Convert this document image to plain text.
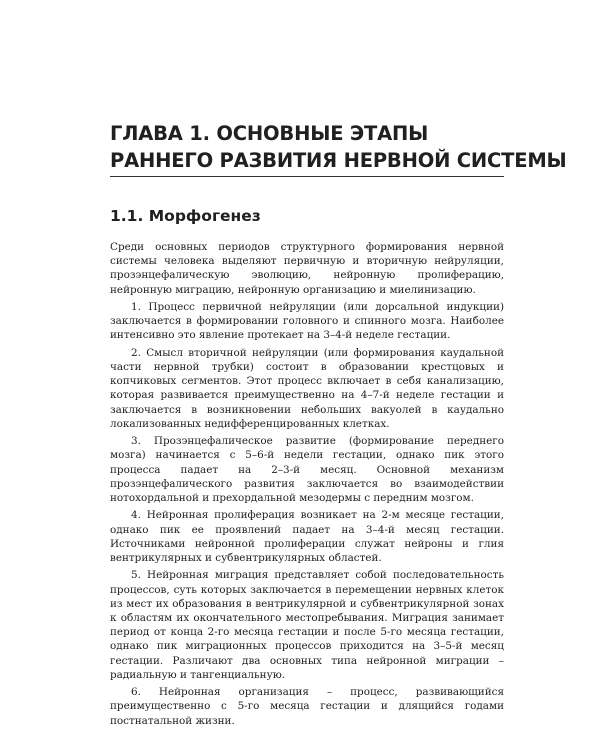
ГЛАВА 1. ОСНОВНЫЕ ЭТАПЫ
РАННЕГО РАЗВИТИЯ НЕРВНОЙ СИСТЕМЫ
1.1. Морфогенез

Среди основных периодов структурного формирования нервной системы человека выделяют первичную и вторичную нейруляции, прозэнцефалическую эволюцию, нейронную пролиферацию, нейронную миграцию, нейронную организацию и миелинизацию.

1. Процесс первичной нейруляции (или дорсальной индукции) заключается в формировании головного и спинного мозга. Наиболее интенсивно это явление протекает на 3–4-й неделе гестации.

2. Смысл вторичной нейруляции (или формирования каудальной части нервной трубки) состоит в образовании крестцовых и копчиковых сегментов. Этот процесс включает в себя канализацию, которая развивается преимущественно на 4–7-й неделе гестации и заключается в возникновении небольших вакуолей в каудально локализованных недифференцированных клетках.

3. Прозэнцефалическое развитие (формирование переднего мозга) начинается с 5–6-й недели гестации, однако пик этого процесса падает на 2–3-й месяц. Основной механизм прозэнцефалического развития заключается во взаимодействии нотохордальной и прехордальной мезодермы с передним мозгом.

4. Нейронная пролиферация возникает на 2-м месяце гестации, однако пик ее проявлений падает на 3–4-й месяц гестации. Источниками нейронной пролиферации служат нейроны и глия вентрикулярных и субвентрикулярных областей.

5. Нейронная миграция представляет собой последовательность процессов, суть которых заключается в перемещении нервных клеток из мест их образования в вентрикулярной и субвентрикулярной зонах к областям их окончательного местопребывания. Миграция занимает период от конца 2-го месяца гестации и после 5-го месяца гестации, однако пик миграционных процессов приходится на 3–5-й месяц гестации. Различают два основных типа нейронной миграции – радиальную и тангенциальную.

6. Нейронная организация – процесс, развивающийся преимущественно с 5-го месяца гестации и длящийся годами постнатальной жизни.
